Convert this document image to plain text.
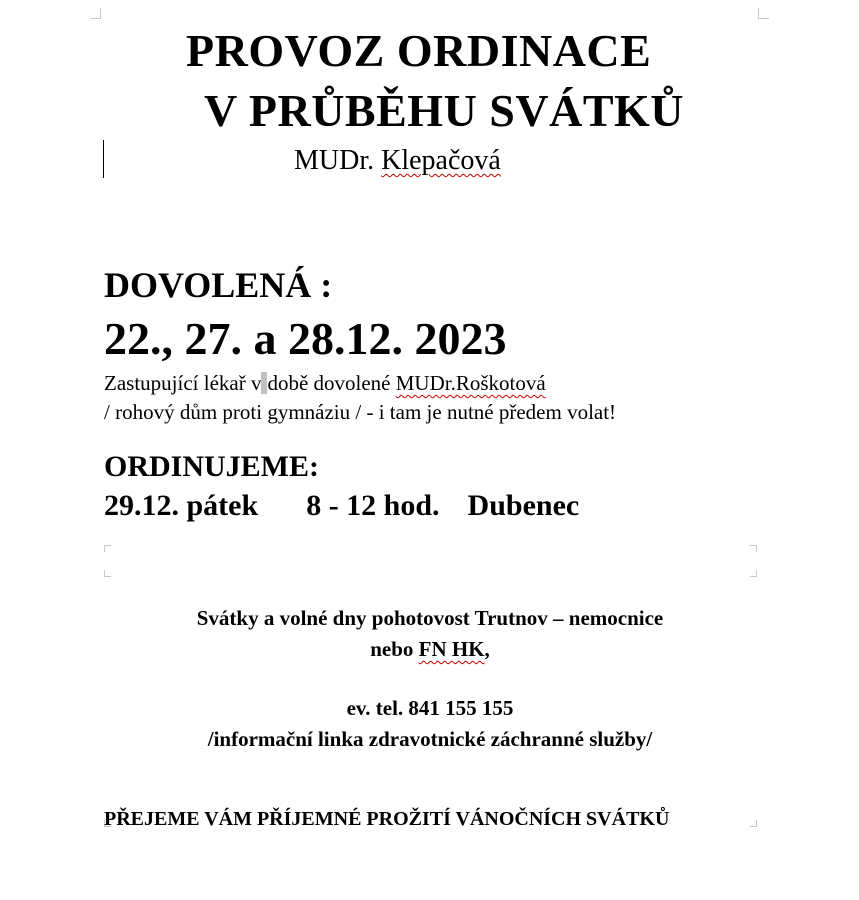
PROVOZ ORDINACE
V PRŮBĚHU SVÁTKŮ
MUDr. Klepačová
DOVOLENÁ :
22., 27. a 28.12. 2023
Zastupující lékař v době dovolené MUDr.Roškotová
/ rohový dům proti gymnáziu / - i tam je nutné předem volat!
ORDINUJEME:
29.12. pátek 8 - 12 hod. Dubenec
Svátky a volné dny pohotovost Trutnov – nemocnice
nebo FN HK,
ev. tel. 841 155 155
/informační linka zdravotnické záchranné služby/
PŘEJEME VÁM PŘÍJEMNÉ PROŽITÍ VÁNOČNÍCH SVÁTKŮ
